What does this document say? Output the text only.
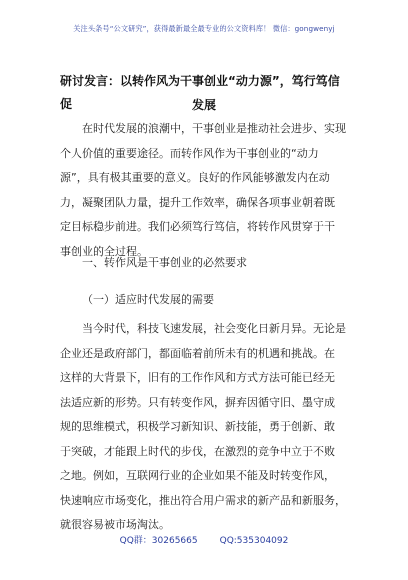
关注头条号“公文研究”，获得最新最全最专业的公文资料库！ 微信：gongwenyj
研讨发言：以转作风为干事创业“动力源”，笃行笃信促	发展
在时代发展的浪潮中，干事创业是推动社会进步、实现
个人价值的重要途径。而转作风作为干事创业的“动力
源”，具有极其重要的意义。良好的作风能够激发内在动
力，凝聚团队力量，提升工作效率，确保各项事业朝着既
定目标稳步前进。我们必须笃行笃信，将转作风贯穿于干
事创业的全过程。
一、转作风是干事创业的必然要求
（一）适应时代发展的需要
当今时代，科技飞速发展，社会变化日新月异。无论是
企业还是政府部门，都面临着前所未有的机遇和挑战。在
这样的大背景下，旧有的工作作风和方式方法可能已经无
法适应新的形势。只有转变作风，摒弃因循守旧、墨守成
规的思维模式，积极学习新知识、新技能，勇于创新、敢
于突破，才能跟上时代的步伐，在激烈的竞争中立于不败
之地。例如，互联网行业的企业如果不能及时转变作风，
快速响应市场变化，推出符合用户需求的新产品和新服务，
就很容易被市场淘汰。
QQ群：30265665 QQ:535304092
